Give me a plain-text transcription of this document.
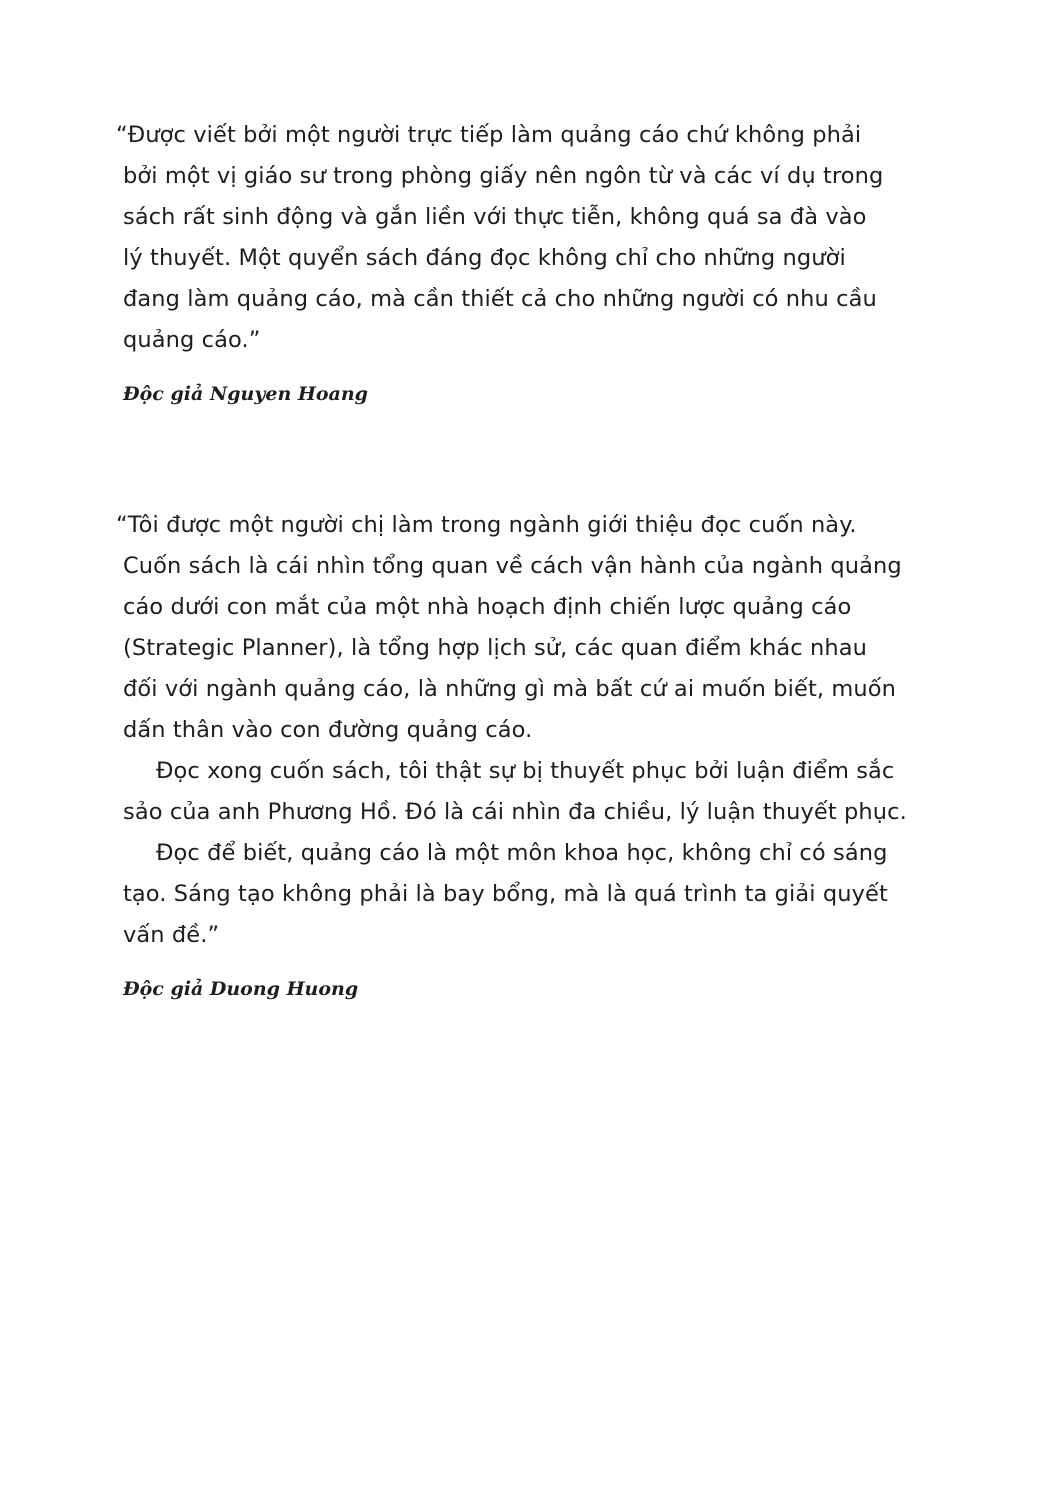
“Được viết bởi một người trực tiếp làm quảng cáo chứ không phải
bởi một vị giáo sư trong phòng giấy nên ngôn từ và các ví dụ trong
sách rất sinh động và gắn liền với thực tiễn, không quá sa đà vào
lý thuyết. Một quyển sách đáng đọc không chỉ cho những người
đang làm quảng cáo, mà cần thiết cả cho những người có nhu cầu
quảng cáo.”

Độc giả Nguyen Hoang

“Tôi được một người chị làm trong ngành giới thiệu đọc cuốn này.
Cuốn sách là cái nhìn tổng quan về cách vận hành của ngành quảng
cáo dưới con mắt của một nhà hoạch định chiến lược quảng cáo
(Strategic Planner), là tổng hợp lịch sử, các quan điểm khác nhau
đối với ngành quảng cáo, là những gì mà bất cứ ai muốn biết, muốn
dấn thân vào con đường quảng cáo.
Đọc xong cuốn sách, tôi thật sự bị thuyết phục bởi luận điểm sắc
sảo của anh Phương Hồ. Đó là cái nhìn đa chiều, lý luận thuyết phục.
Đọc để biết, quảng cáo là một môn khoa học, không chỉ có sáng
tạo. Sáng tạo không phải là bay bổng, mà là quá trình ta giải quyết
vấn đề.”

Độc giả Duong Huong
